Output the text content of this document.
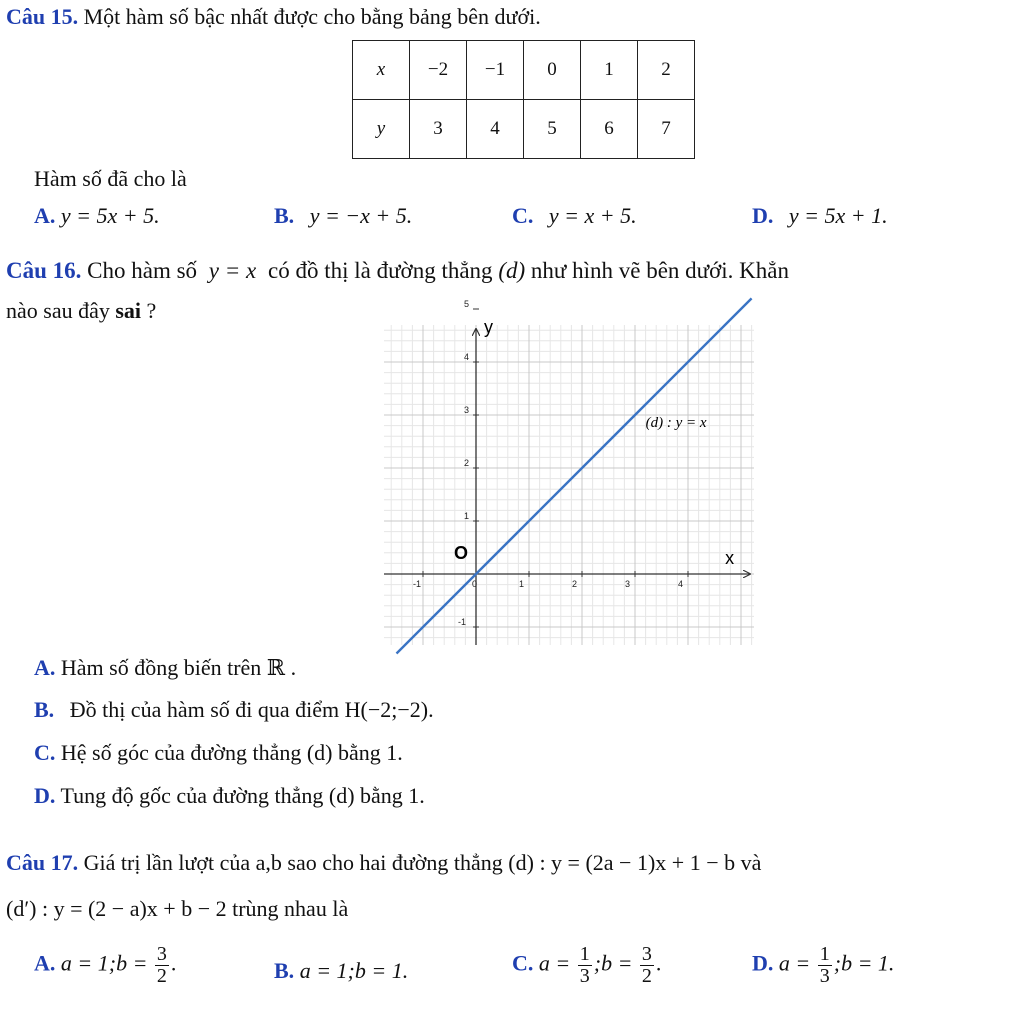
Câu 15. Một hàm số bậc nhất được cho bằng bảng bên dưới.
x	−2	−1	0	1	2
y	3	4	5	6	7
Hàm số đã cho là
A. y = 5x + 5.	B. y = −x + 5.	C. y = x + 5.	D. y = 5x + 1.
Câu 16. Cho hàm số y = x có đồ thị là đường thẳng (d) như hình vẽ bên dưới. Khẳn
nào sau đây sai ?
-1	0	1	2	3	4
-1
1
2
3
4
5
x
y
O
(d) : y = x
A. Hàm số đồng biến trên ℝ .
B. Đồ thị của hàm số đi qua điểm H(−2;−2).
C. Hệ số góc của đường thẳng (d) bằng 1.
D. Tung độ gốc của đường thẳng (d) bằng 1.
Câu 17. Giá trị lần lượt của a,b sao cho hai đường thẳng (d) : y = (2a − 1)x + 1 − b và
(d′) : y = (2 − a)x + b − 2 trùng nhau là
A. a = 1;b = $\frac{3}{2}$ .	B. a = 1;b = 1.	C. $a = \frac{1}{3}$ ;b = $\frac{3}{2}$ .	D. $a = \frac{1}{3}$ ;b = 1.
